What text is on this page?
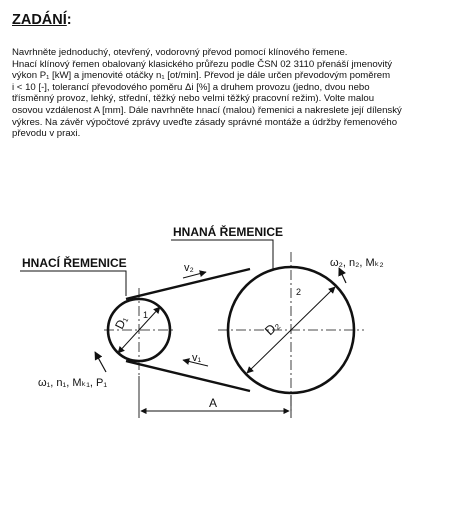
ZADÁNÍ:

Navrhněte jednoduchý, otevřený, vodorovný převod pomocí klínového řemene.
Hnací klínový řemen obalovaný klasického průřezu podle ČSN 02 3110 přenáší jmenovitý
výkon P₁ [kW] a jmenovité otáčky n₁ [ot/min]. Převod je dále určen převodovým poměrem
i < 10 [-], tolerancí převodového poměru Δi [%] a druhem provozu (jedno, dvou nebo
třísměnný provoz, lehký, střední, těžký nebo velmi těžký pracovní režim). Volte malou
osovou vzdálenost A [mm]. Dále navrhněte hnací (malou) řemenici a nakreslete její dílenský
výkres. Na závěr výpočtové zprávy uveďte zásady správné montáže a údržby řemenového
převodu v praxi.

D₁	D₂
1
2
HNACÍ ŘEMENICE
HNANÁ ŘEMENICE
v₂
v₁
ω₁, n₁, Mₖ₁, P₁
ω₂, n₂, Mₖ₂
A
